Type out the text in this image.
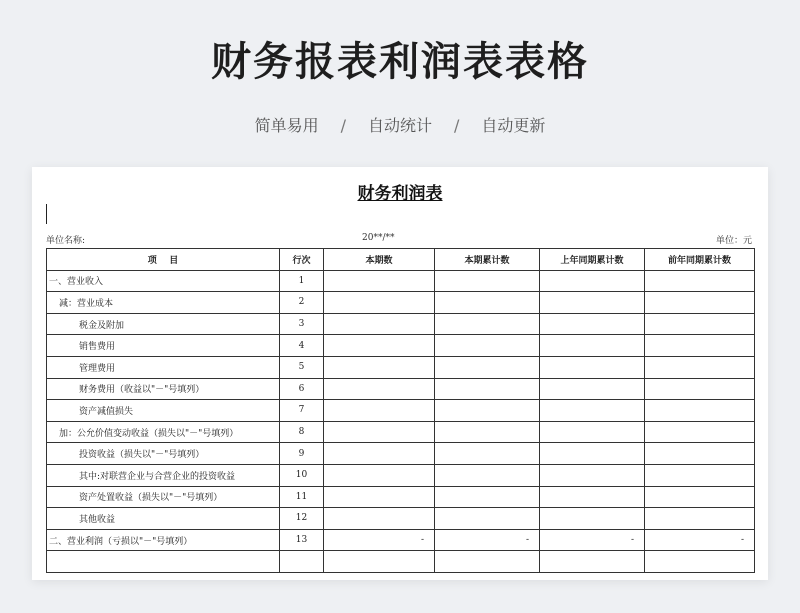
财务报表利润表表格
简单易用 / 自动统计 / 自动更新
财务利润表
单位名称:	20**/**	单位：元
项    目	行次	本期数	本期累计数	上年同期累计数	前年同期累计数
一、营业收入	1				
减：营业成本	2				
税金及附加	3				
销售费用	4				
管理费用	5				
财务费用（收益以"－"号填列）	6				
资产减值损失	7				
加：公允价值变动收益（损失以"－"号填列）	8				
投资收益（损失以"－"号填列）	9				
其中:对联营企业与合营企业的投资收益	10				
资产处置收益（损失以"－"号填列）	11				
其他收益	12				
二、营业利润（亏损以"－"号填列）	13	-	-	-	-
